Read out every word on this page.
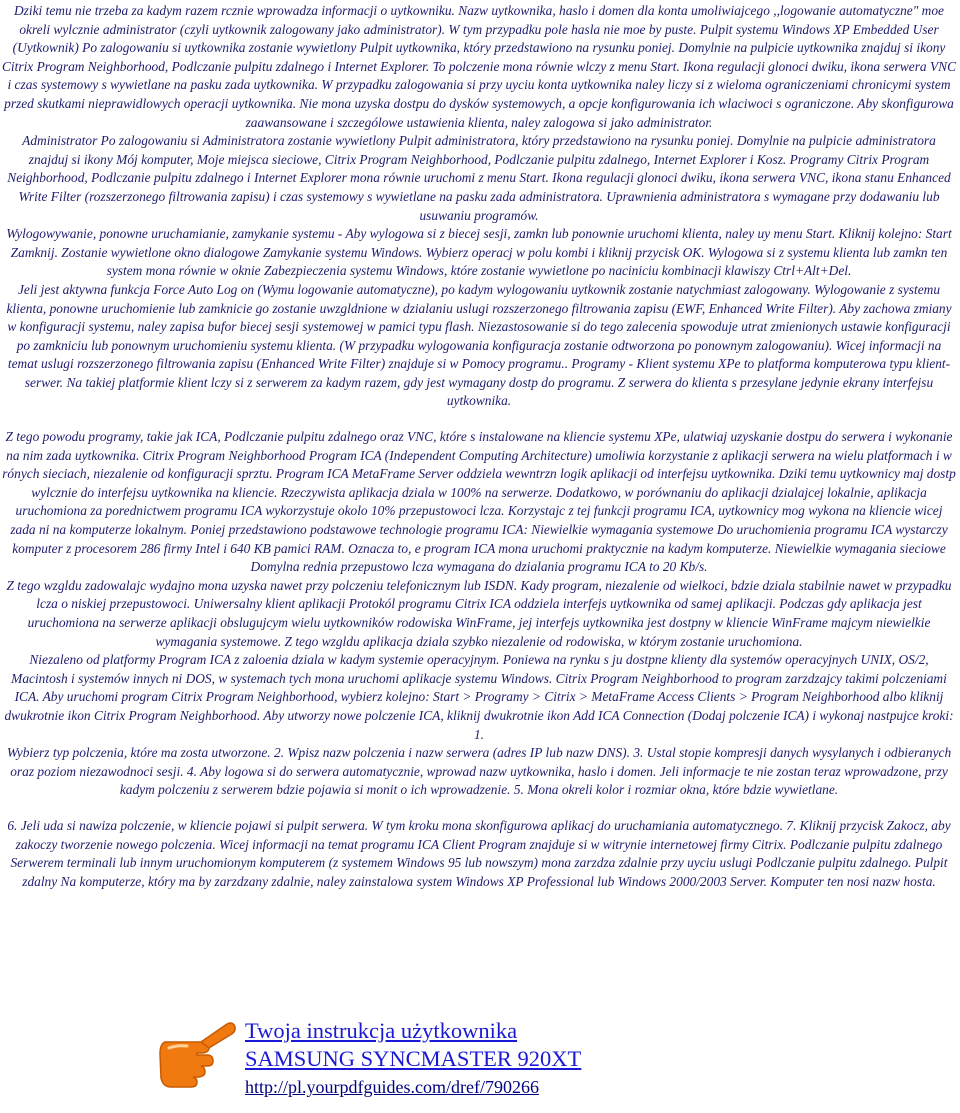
Dziki temu nie trzeba za kadym razem rcznie wprowadza informacji o uytkowniku. Nazw uytkownika, haslo i domen dla konta umoliwiajcego ,,logowanie automatyczne" moe okreli wylcznie administrator (czyli uytkownik zalogowany jako administrator). W tym przypadku pole hasla nie moe by puste. Pulpit systemu Windows XP Embedded User (Uytkownik) Po zalogowaniu si uytkownika zostanie wywietlony Pulpit uytkownika, który przedstawiono na rysunku poniej. Domylnie na pulpicie uytkownika znajduj si ikony Citrix Program Neighborhood, Podlczanie pulpitu zdalnego i Internet Explorer. To polczenie mona równie wlczy z menu Start. Ikona regulacji glonoci dwiku, ikona serwera VNC i czas systemowy s wywietlane na pasku zada uytkownika. W przypadku zalogowania si przy uyciu konta uytkownika naley liczy si z wieloma ograniczeniami chronicymi system przed skutkami nieprawidlowych operacji uytkownika. Nie mona uzyska dostpu do dysków systemowych, a opcje konfigurowania ich wlaciwoci s ograniczone. Aby skonfigurowa zaawansowane i szczególowe ustawienia klienta, naley zalogowa si jako administrator.

Administrator Po zalogowaniu si Administratora zostanie wywietlony Pulpit administratora, który przedstawiono na rysunku poniej. Domylnie na pulpicie administratora znajduj si ikony Mój komputer, Moje miejsca sieciowe, Citrix Program Neighborhood, Podlczanie pulpitu zdalnego, Internet Explorer i Kosz. Programy Citrix Program Neighborhood, Podlczanie pulpitu zdalnego i Internet Explorer mona równie uruchomi z menu Start. Ikona regulacji glonoci dwiku, ikona serwera VNC, ikona stanu Enhanced Write Filter (rozszerzonego filtrowania zapisu) i czas systemowy s wywietlane na pasku zada administratora. Uprawnienia administratora s wymagane przy dodawaniu lub usuwaniu programów.

Wylogowywanie, ponowne uruchamianie, zamykanie systemu - Aby wylogowa si z biecej sesji, zamkn lub ponownie uruchomi klienta, naley uy menu Start. Kliknij kolejno: Start Zamknij. Zostanie wywietlone okno dialogowe Zamykanie systemu Windows. Wybierz operacj w polu kombi i kliknij przycisk OK. Wylogowa si z systemu klienta lub zamkn ten system mona równie w oknie Zabezpieczenia systemu Windows, które zostanie wywietlone po naciniciu kombinacji klawiszy Ctrl+Alt+Del.

Jeli jest aktywna funkcja Force Auto Log on (Wymu logowanie automatyczne), po kadym wylogowaniu uytkownik zostanie natychmiast zalogowany. Wylogowanie z systemu klienta, ponowne uruchomienie lub zamknicie go zostanie uwzgldnione w dzialaniu uslugi rozszerzonego filtrowania zapisu (EWF, Enhanced Write Filter). Aby zachowa zmiany w konfiguracji systemu, naley zapisa bufor biecej sesji systemowej w pamici typu flash. Niezastosowanie si do tego zalecenia spowoduje utrat zmienionych ustawie konfiguracji po zamkniciu lub ponownym uruchomieniu systemu klienta. (W przypadku wylogowania konfiguracja zostanie odtworzona po ponownym zalogowaniu). Wicej informacji na temat uslugi rozszerzonego filtrowania zapisu (Enhanced Write Filter) znajduje si w Pomocy programu.. Programy - Klient systemu XPe to platforma komputerowa typu klient-serwer. Na takiej platformie klient lczy si z serwerem za kadym razem, gdy jest wymagany dostp do programu. Z serwera do klienta s przesylane jedynie ekrany interfejsu uytkownika.

Z tego powodu programy, takie jak ICA, Podlczanie pulpitu zdalnego oraz VNC, które s instalowane na kliencie systemu XPe, ulatwiaj uzyskanie dostpu do serwera i wykonanie na nim zada uytkownika. Citrix Program Neighborhood Program ICA (Independent Computing Architecture) umoliwia korzystanie z aplikacji serwera na wielu platformach i w rónych sieciach, niezalenie od konfiguracji sprztu. Program ICA MetaFrame Server oddziela wewntrzn logik aplikacji od interfejsu uytkownika. Dziki temu uytkownicy maj dostp wylcznie do interfejsu uytkownika na kliencie. Rzeczywista aplikacja dziala w 100% na serwerze. Dodatkowo, w porównaniu do aplikacji dzialajcej lokalnie, aplikacja uruchomiona za porednictwem programu ICA wykorzystuje okolo 10% przepustowoci lcza. Korzystajc z tej funkcji programu ICA, uytkownicy mog wykona na kliencie wicej zada ni na komputerze lokalnym. Poniej przedstawiono podstawowe technologie programu ICA: Niewielkie wymagania systemowe Do uruchomienia programu ICA wystarczy komputer z procesorem 286 firmy Intel i 640 KB pamici RAM. Oznacza to, e program ICA mona uruchomi praktycznie na kadym komputerze. Niewielkie wymagania sieciowe Domylna rednia przepustowo lcza wymagana do dzialania programu ICA to 20 Kb/s.

Z tego wzgldu zadowalajc wydajno mona uzyska nawet przy polczeniu telefonicznym lub ISDN. Kady program, niezalenie od wielkoci, bdzie dziala stabilnie nawet w przypadku lcza o niskiej przepustowoci. Uniwersalny klient aplikacji Protokól programu Citrix ICA oddziela interfejs uytkownika od samej aplikacji. Podczas gdy aplikacja jest uruchomiona na serwerze aplikacji obslugujcym wielu uytkowników rodowiska WinFrame, jej interfejs uytkownika jest dostpny w kliencie WinFrame majcym niewielkie wymagania systemowe. Z tego wzgldu aplikacja dziala szybko niezalenie od rodowiska, w którym zostanie uruchomiona.

Niezaleno od platformy Program ICA z zaloenia dziala w kadym systemie operacyjnym. Poniewa na rynku s ju dostpne klienty dla systemów operacyjnych UNIX, OS/2, Macintosh i systemów innych ni DOS, w systemach tych mona uruchomi aplikacje systemu Windows. Citrix Program Neighborhood to program zarzdzajcy takimi polczeniami ICA. Aby uruchomi program Citrix Program Neighborhood, wybierz kolejno: Start > Programy > Citrix > MetaFrame Access Clients > Program Neighborhood albo kliknij dwukrotnie ikon Citrix Program Neighborhood. Aby utworzy nowe polczenie ICA, kliknij dwukrotnie ikon Add ICA Connection (Dodaj polczenie ICA) i wykonaj nastpujce kroki: 1.

Wybierz typ polczenia, które ma zosta utworzone. 2. Wpisz nazw polczenia i nazw serwera (adres IP lub nazw DNS). 3. Ustal stopie kompresji danych wysylanych i odbieranych oraz poziom niezawodnoci sesji. 4. Aby logowa si do serwera automatycznie, wprowad nazw uytkownika, haslo i domen. Jeli informacje te nie zostan teraz wprowadzone, przy kadym polczeniu z serwerem bdzie pojawia si monit o ich wprowadzenie. 5. Mona okreli kolor i rozmiar okna, które bdzie wywietlane.

6. Jeli uda si nawiza polczenie, w kliencie pojawi si pulpit serwera. W tym kroku mona skonfigurowa aplikacj do uruchamiania automatycznego. 7. Kliknij przycisk Zakocz, aby zakoczy tworzenie nowego polczenia. Wicej informacji na temat programu ICA Client Program znajduje si w witrynie internetowej firmy Citrix. Podlczanie pulpitu zdalnego Serwerem terminali lub innym uruchomionym komputerem (z systemem Windows 95 lub nowszym) mona zarzdza zdalnie przy uyciu uslugi Podlczanie pulpitu zdalnego. Pulpit zdalny Na komputerze, który ma by zarzdzany zdalnie, naley zainstalowa system Windows XP Professional lub Windows 2000/2003 Server. Komputer ten nosi nazw hosta.

Twoja instrukcja użytkownika
SAMSUNG SYNCMASTER 920XT
http://pl.yourpdfguides.com/dref/790266
